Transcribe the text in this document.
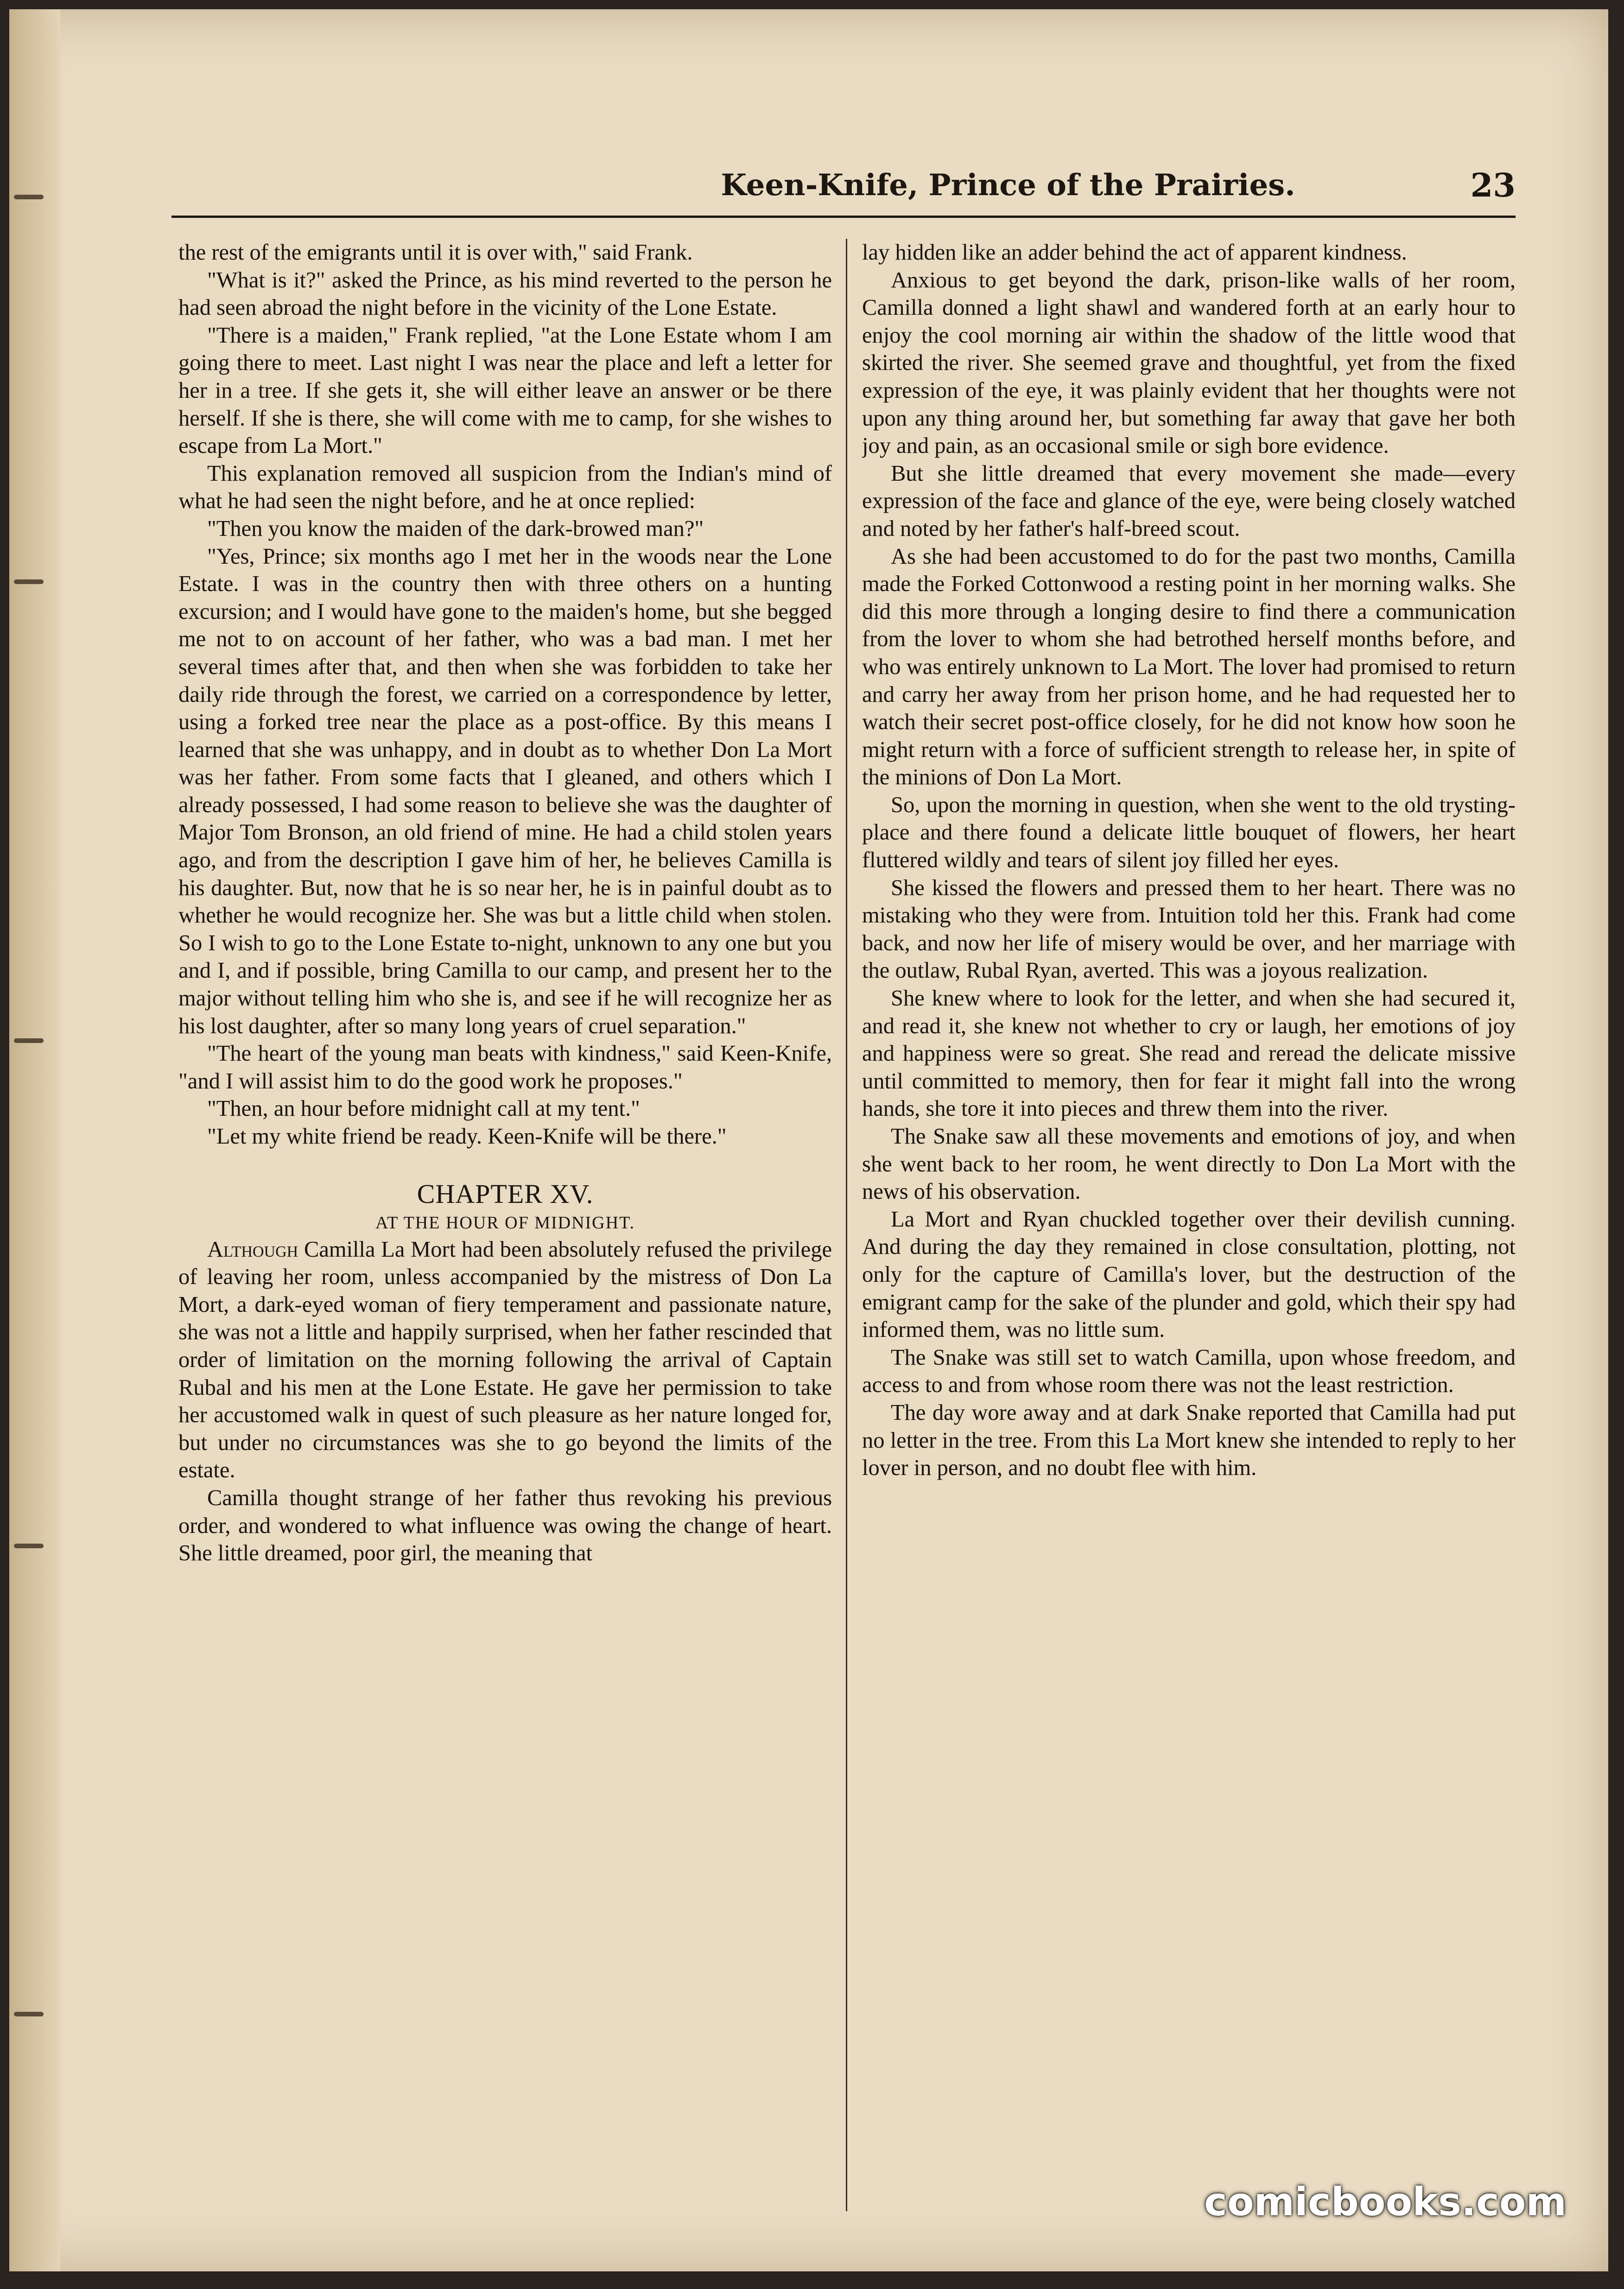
Keen-Knife, Prince of the Prairies.	23

the rest of the emigrants until it is over with," said Frank.

"What is it?" asked the Prince, as his mind reverted to the person he had seen abroad the night before in the vicinity of the Lone Estate.

"There is a maiden," Frank replied, "at the Lone Estate whom I am going there to meet. Last night I was near the place and left a letter for her in a tree. If she gets it, she will either leave an answer or be there herself. If she is there, she will come with me to camp, for she wishes to escape from La Mort."

This explanation removed all suspicion from the Indian's mind of what he had seen the night before, and he at once replied:

"Then you know the maiden of the dark-browed man?"

"Yes, Prince; six months ago I met her in the woods near the Lone Estate. I was in the country then with three others on a hunting excursion; and I would have gone to the maiden's home, but she begged me not to on account of her father, who was a bad man. I met her several times after that, and then when she was forbidden to take her daily ride through the forest, we carried on a correspondence by letter, using a forked tree near the place as a post-office. By this means I learned that she was unhappy, and in doubt as to whether Don La Mort was her father. From some facts that I gleaned, and others which I already possessed, I had some reason to believe she was the daughter of Major Tom Bronson, an old friend of mine. He had a child stolen years ago, and from the description I gave him of her, he believes Camilla is his daughter. But, now that he is so near her, he is in painful doubt as to whether he would recognize her. She was but a little child when stolen. So I wish to go to the Lone Estate to-night, unknown to any one but you and I, and if possible, bring Camilla to our camp, and present her to the major without telling him who she is, and see if he will recognize her as his lost daughter, after so many long years of cruel separation."

"The heart of the young man beats with kindness," said Keen-Knife, "and I will assist him to do the good work he proposes."

"Then, an hour before midnight call at my tent."

"Let my white friend be ready. Keen-Knife will be there."

CHAPTER XV.
AT THE HOUR OF MIDNIGHT.

Although Camilla La Mort had been absolutely refused the privilege of leaving her room, unless accompanied by the mistress of Don La Mort, a dark-eyed woman of fiery temperament and passionate nature, she was not a little and happily surprised, when her father rescinded that order of limitation on the morning following the arrival of Captain Rubal and his men at the Lone Estate. He gave her permission to take her accustomed walk in quest of such pleasure as her nature longed for, but under no circumstances was she to go beyond the limits of the estate.

Camilla thought strange of her father thus revoking his previous order, and wondered to what influence was owing the change of heart. She little dreamed, poor girl, the meaning that

lay hidden like an adder behind the act of apparent kindness.

Anxious to get beyond the dark, prison-like walls of her room, Camilla donned a light shawl and wandered forth at an early hour to enjoy the cool morning air within the shadow of the little wood that skirted the river. She seemed grave and thoughtful, yet from the fixed expression of the eye, it was plainly evident that her thoughts were not upon any thing around her, but something far away that gave her both joy and pain, as an occasional smile or sigh bore evidence.

But she little dreamed that every movement she made—every expression of the face and glance of the eye, were being closely watched and noted by her father's half-breed scout.

As she had been accustomed to do for the past two months, Camilla made the Forked Cottonwood a resting point in her morning walks. She did this more through a longing desire to find there a communication from the lover to whom she had betrothed herself months before, and who was entirely unknown to La Mort. The lover had promised to return and carry her away from her prison home, and he had requested her to watch their secret post-office closely, for he did not know how soon he might return with a force of sufficient strength to release her, in spite of the minions of Don La Mort.

So, upon the morning in question, when she went to the old trysting-place and there found a delicate little bouquet of flowers, her heart fluttered wildly and tears of silent joy filled her eyes.

She kissed the flowers and pressed them to her heart. There was no mistaking who they were from. Intuition told her this. Frank had come back, and now her life of misery would be over, and her marriage with the outlaw, Rubal Ryan, averted. This was a joyous realization.

She knew where to look for the letter, and when she had secured it, and read it, she knew not whether to cry or laugh, her emotions of joy and happiness were so great. She read and reread the delicate missive until committed to memory, then for fear it might fall into the wrong hands, she tore it into pieces and threw them into the river.

The Snake saw all these movements and emotions of joy, and when she went back to her room, he went directly to Don La Mort with the news of his observation.

La Mort and Ryan chuckled together over their devilish cunning. And during the day they remained in close consultation, plotting, not only for the capture of Camilla's lover, but the destruction of the emigrant camp for the sake of the plunder and gold, which their spy had informed them, was no little sum.

The Snake was still set to watch Camilla, upon whose freedom, and access to and from whose room there was not the least restriction.

The day wore away and at dark Snake reported that Camilla had put no letter in the tree. From this La Mort knew she intended to reply to her lover in person, and no doubt flee with him.

comicbooks.com
